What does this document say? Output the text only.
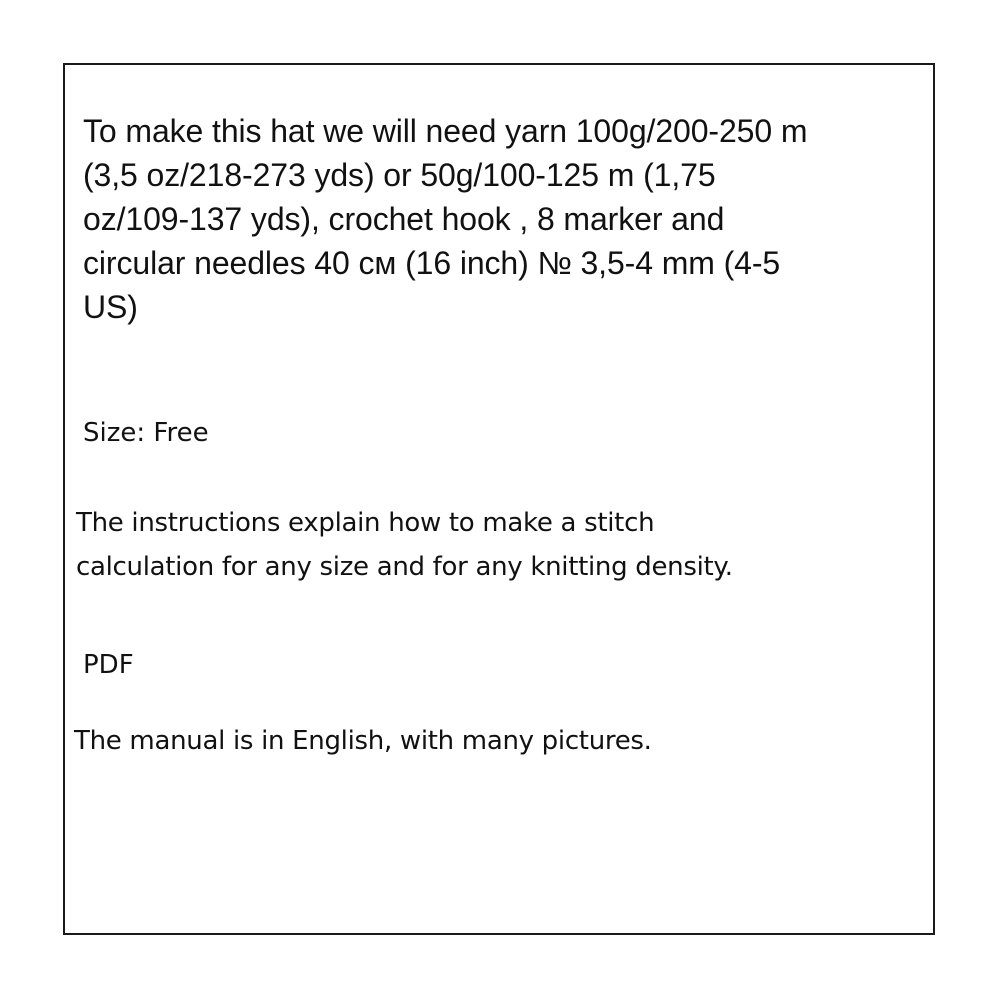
To make this hat we will need yarn 100g/200-250 m
(3,5 oz/218-273 yds) or 50g/100-125 m (1,75
oz/109-137 yds), crochet hook , 8 marker and
circular needles 40 см (16 inch) № 3,5-4 mm (4-5
US)

Size: Free

The instructions explain how to make a stitch
calculation for any size and for any knitting density.

PDF

The manual is in English, with many pictures.
